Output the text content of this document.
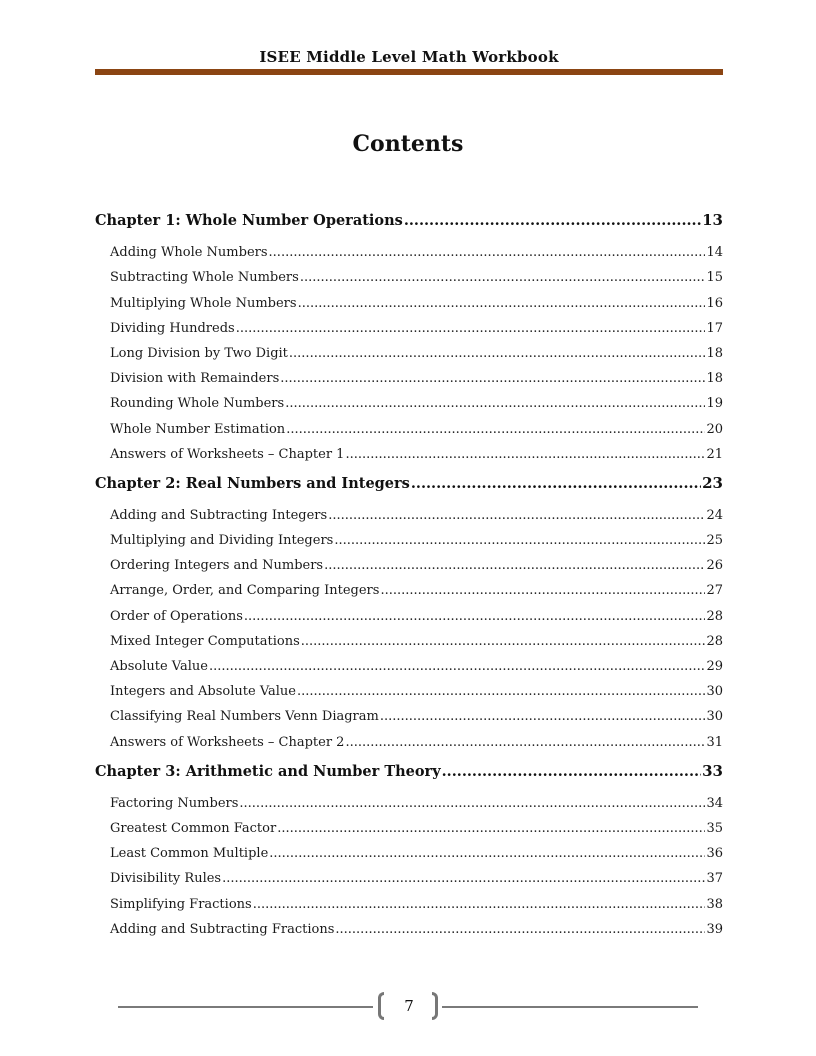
ISEE Middle Level Math Workbook
Contents
Chapter 1: Whole Number Operations .....	13
Adding Whole Numbers .....	14
Subtracting Whole Numbers .....	15
Multiplying Whole Numbers .....	16
Dividing Hundreds .....	17
Long Division by Two Digit .....	18
Division with Remainders .....	18
Rounding Whole Numbers .....	19
Whole Number Estimation .....	20
Answers of Worksheets – Chapter 1 .....	21
Chapter 2: Real Numbers and Integers .....	23
Adding and Subtracting Integers .....	24
Multiplying and Dividing Integers .....	25
Ordering Integers and Numbers .....	26
Arrange, Order, and Comparing Integers .....	27
Order of Operations .....	28
Mixed Integer Computations .....	28
Absolute Value .....	29
Integers and Absolute Value .....	30
Classifying Real Numbers Venn Diagram .....	30
Answers of Worksheets – Chapter 2 .....	31
Chapter 3: Arithmetic and Number Theory .....	33
Factoring Numbers .....	34
Greatest Common Factor .....	35
Least Common Multiple .....	36
Divisibility Rules .....	37
Simplifying Fractions .....	38
Adding and Subtracting Fractions .....	39
7
